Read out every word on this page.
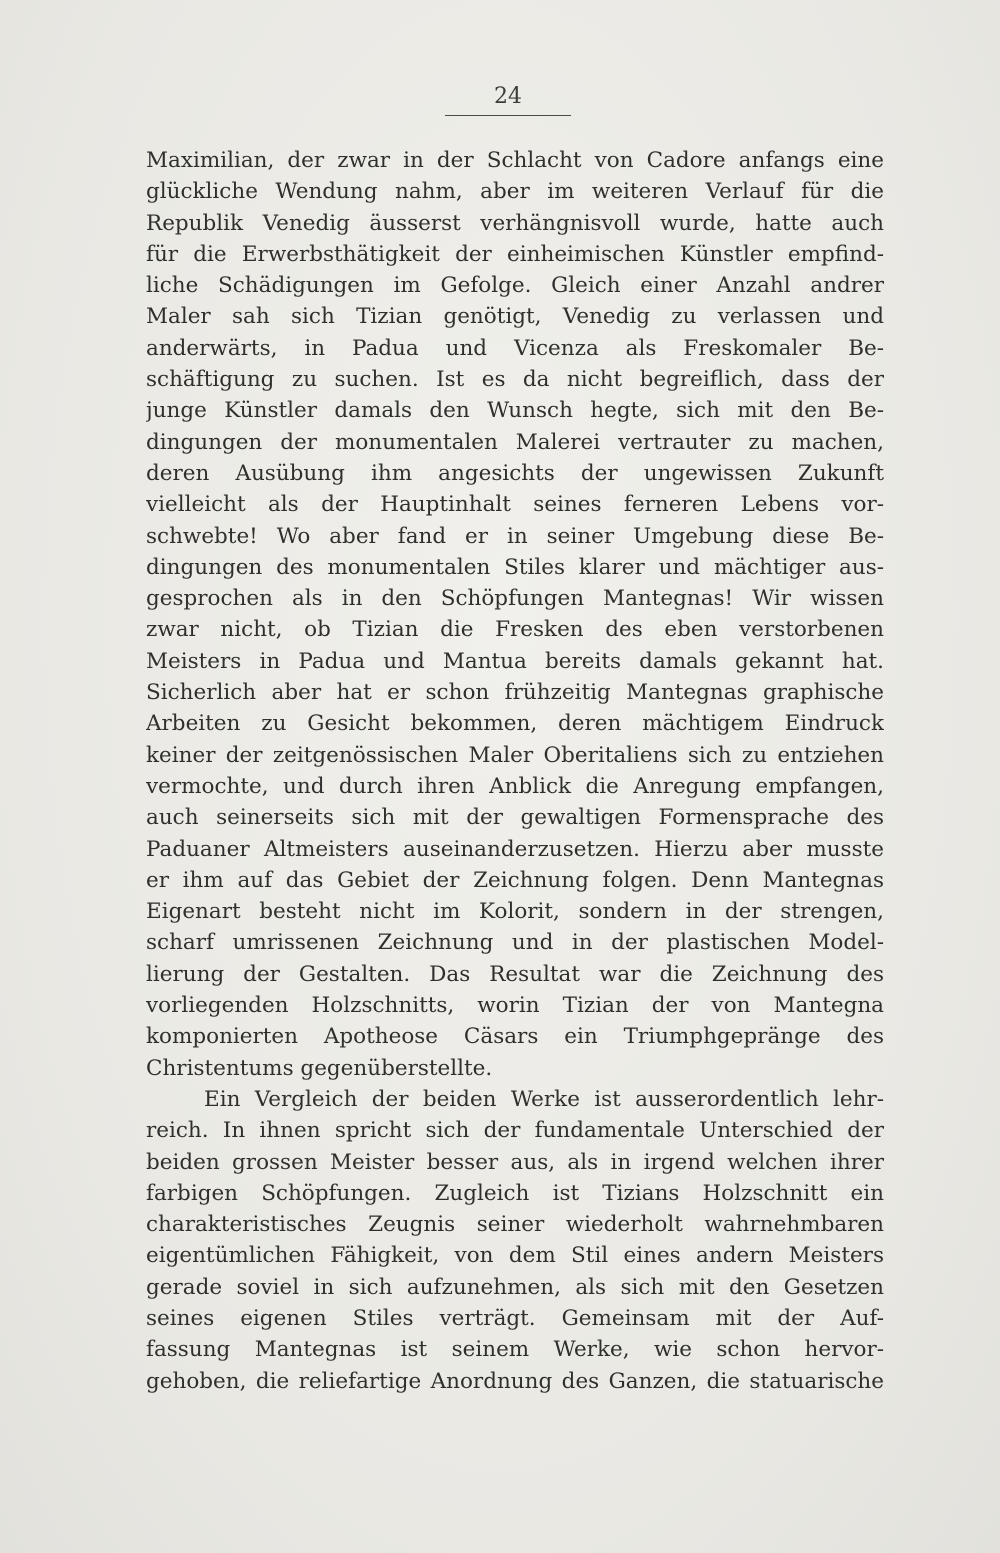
24
Maximilian, der zwar in der Schlacht von Cadore anfangs eine
glückliche Wendung nahm, aber im weiteren Verlauf für die
Republik Venedig äusserst verhängnisvoll wurde, hatte auch
für die Erwerbsthätigkeit der einheimischen Künstler empfind-
liche Schädigungen im Gefolge. Gleich einer Anzahl andrer
Maler sah sich Tizian genötigt, Venedig zu verlassen und
anderwärts, in Padua und Vicenza als Freskomaler Be-
schäftigung zu suchen. Ist es da nicht begreiflich, dass der
junge Künstler damals den Wunsch hegte, sich mit den Be-
dingungen der monumentalen Malerei vertrauter zu machen,
deren Ausübung ihm angesichts der ungewissen Zukunft
vielleicht als der Hauptinhalt seines ferneren Lebens vor-
schwebte! Wo aber fand er in seiner Umgebung diese Be-
dingungen des monumentalen Stiles klarer und mächtiger aus-
gesprochen als in den Schöpfungen Mantegnas! Wir wissen
zwar nicht, ob Tizian die Fresken des eben verstorbenen
Meisters in Padua und Mantua bereits damals gekannt hat.
Sicherlich aber hat er schon frühzeitig Mantegnas graphische
Arbeiten zu Gesicht bekommen, deren mächtigem Eindruck
keiner der zeitgenössischen Maler Oberitaliens sich zu entziehen
vermochte, und durch ihren Anblick die Anregung empfangen,
auch seinerseits sich mit der gewaltigen Formensprache des
Paduaner Altmeisters auseinanderzusetzen. Hierzu aber musste
er ihm auf das Gebiet der Zeichnung folgen. Denn Mantegnas
Eigenart besteht nicht im Kolorit, sondern in der strengen,
scharf umrissenen Zeichnung und in der plastischen Model-
lierung der Gestalten. Das Resultat war die Zeichnung des
vorliegenden Holzschnitts, worin Tizian der von Mantegna
komponierten Apotheose Cäsars ein Triumphgepränge des
Christentums gegenüberstellte.
Ein Vergleich der beiden Werke ist ausserordentlich lehr-
reich. In ihnen spricht sich der fundamentale Unterschied der
beiden grossen Meister besser aus, als in irgend welchen ihrer
farbigen Schöpfungen. Zugleich ist Tizians Holzschnitt ein
charakteristisches Zeugnis seiner wiederholt wahrnehmbaren
eigentümlichen Fähigkeit, von dem Stil eines andern Meisters
gerade soviel in sich aufzunehmen, als sich mit den Gesetzen
seines eigenen Stiles verträgt. Gemeinsam mit der Auf-
fassung Mantegnas ist seinem Werke, wie schon hervor-
gehoben, die reliefartige Anordnung des Ganzen, die statuarische
